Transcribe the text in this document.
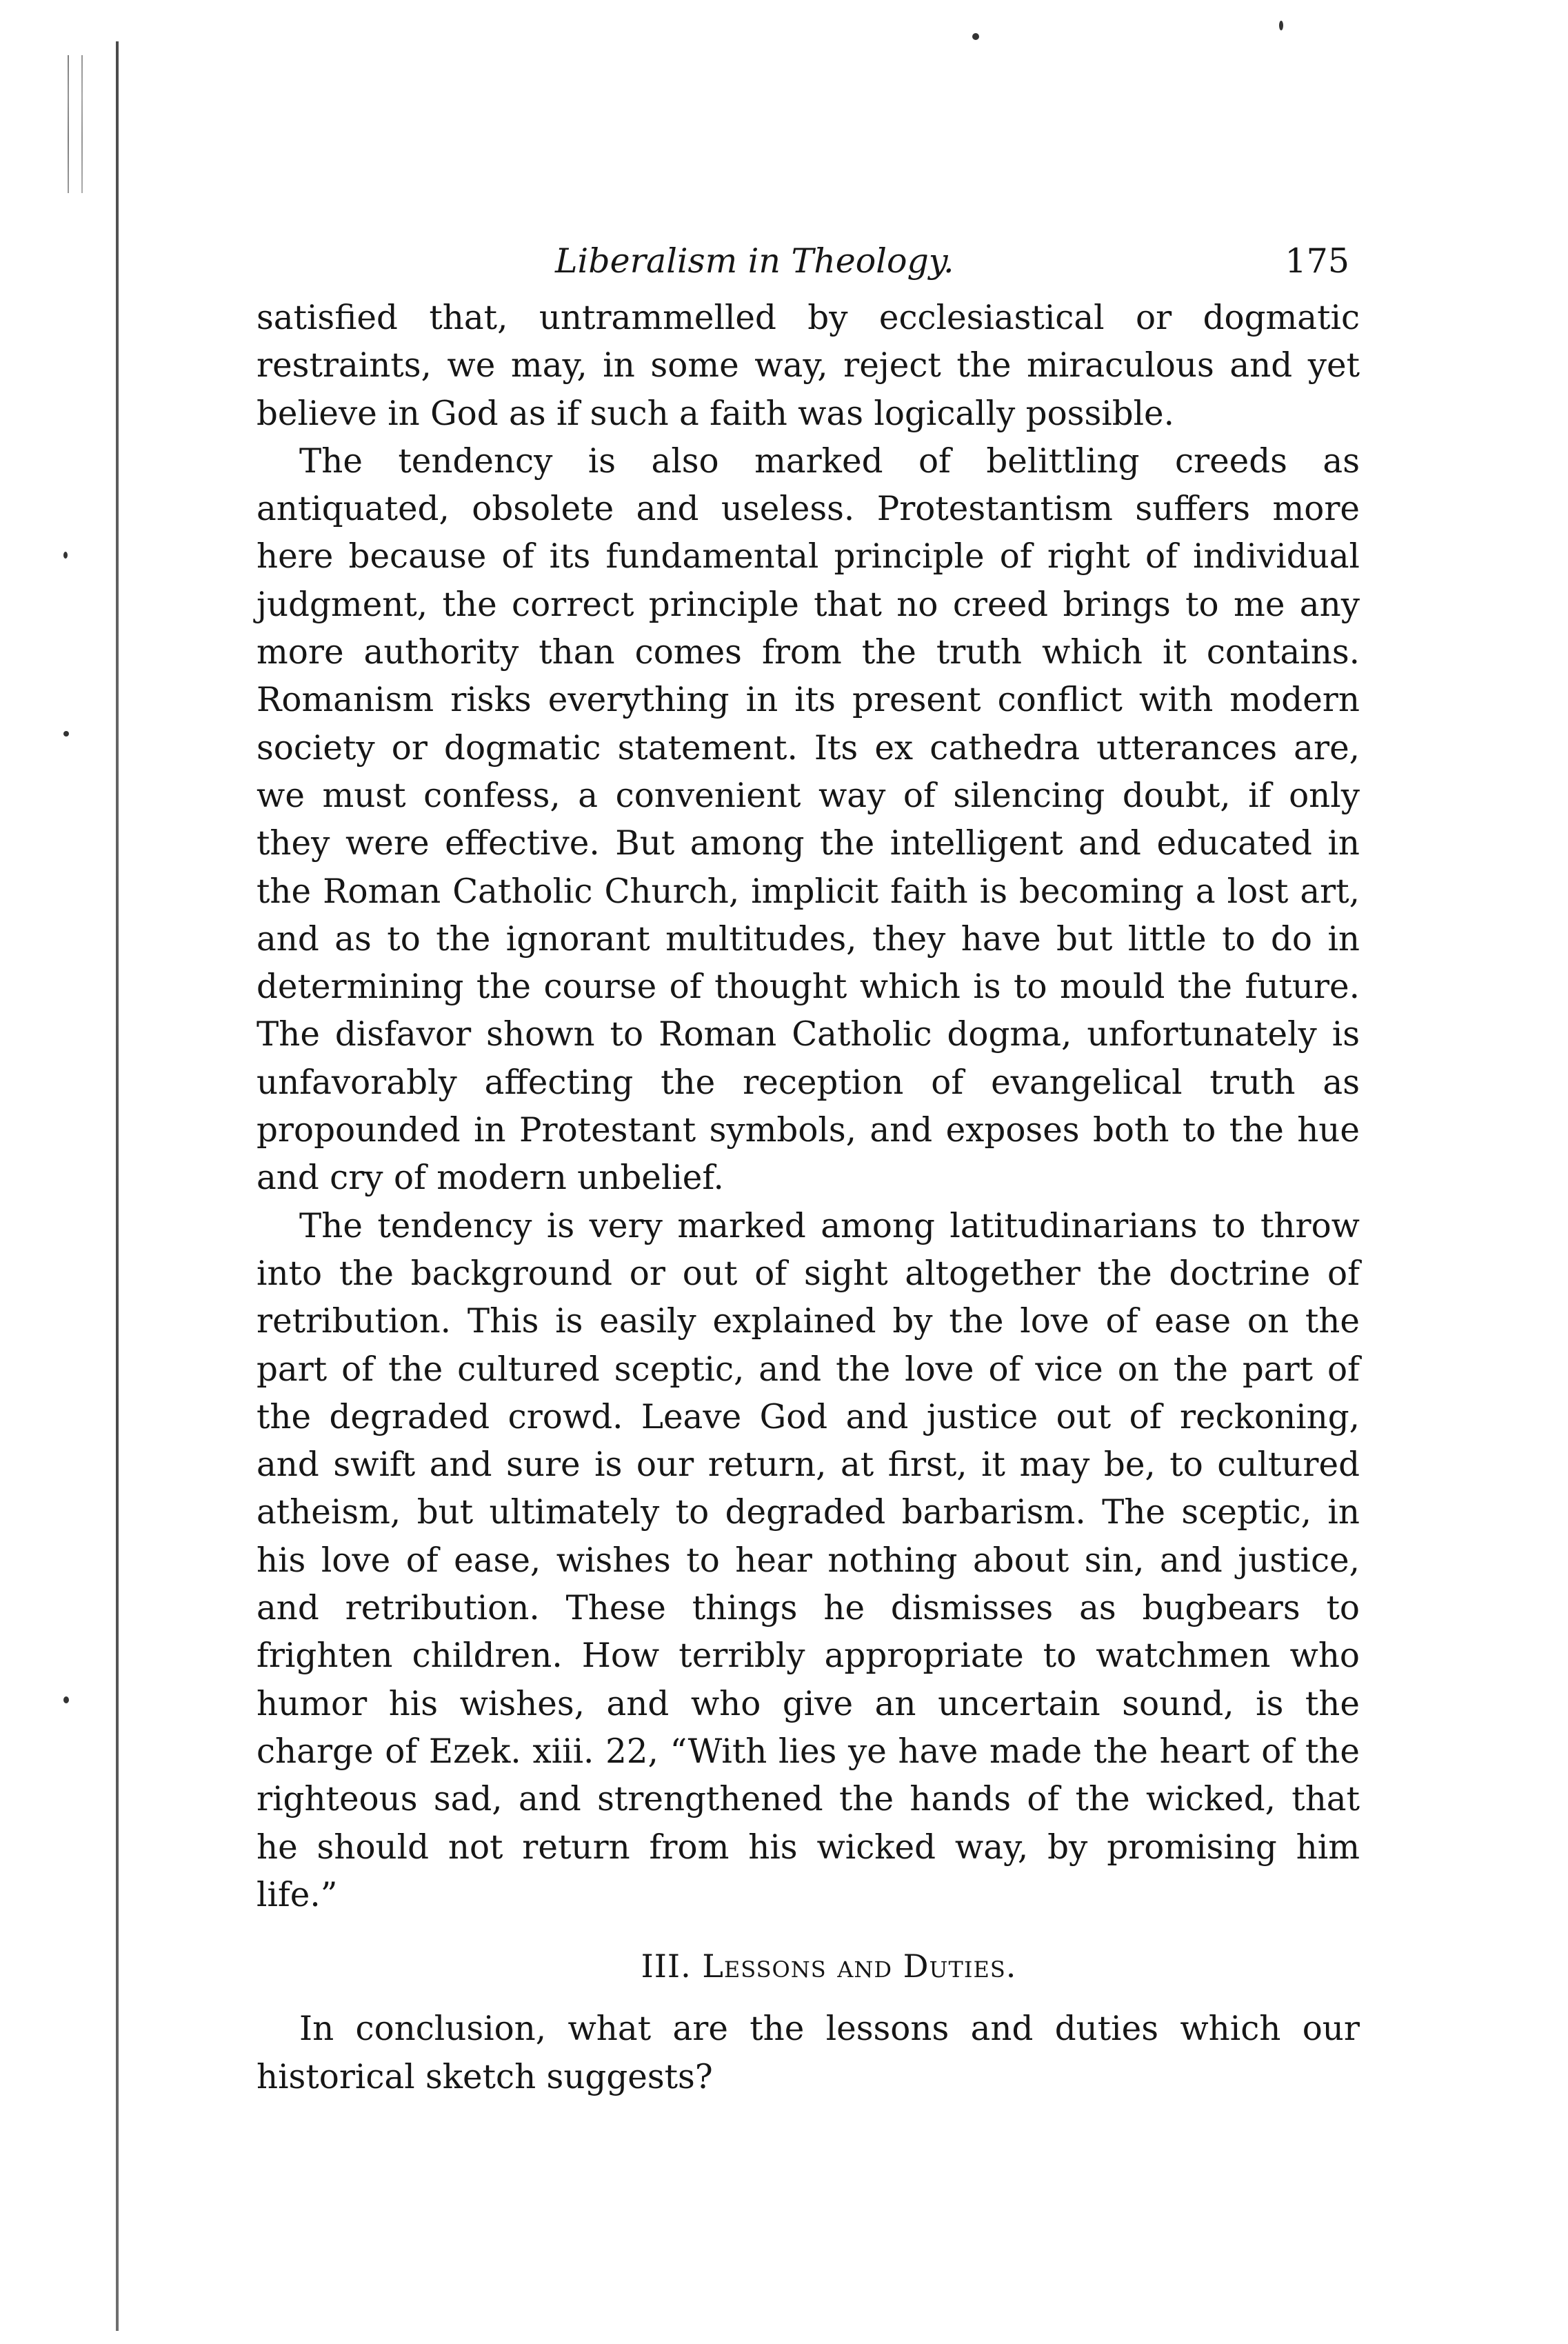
Liberalism in Theology.	175

satisfied that, untrammelled by ecclesiastical or dogmatic restraints, we may, in some way, reject the miraculous and yet believe in God as if such a faith was logically possible.

The tendency is also marked of belittling creeds as antiquated, obsolete and useless. Protestantism suffers more here because of its fundamental principle of right of individual judgment, the correct principle that no creed brings to me any more authority than comes from the truth which it contains. Romanism risks everything in its present conflict with modern society or dogmatic statement. Its ex cathedra utterances are, we must confess, a convenient way of silencing doubt, if only they were effective. But among the intelligent and educated in the Roman Catholic Church, implicit faith is becoming a lost art, and as to the ignorant multitudes, they have but little to do in determining the course of thought which is to mould the future. The disfavor shown to Roman Catholic dogma, unfortunately is unfavorably affecting the reception of evangelical truth as propounded in Protestant symbols, and exposes both to the hue and cry of modern unbelief.

The tendency is very marked among latitudinarians to throw into the background or out of sight altogether the doctrine of retribution. This is easily explained by the love of ease on the part of the cultured sceptic, and the love of vice on the part of the degraded crowd. Leave God and justice out of reckoning, and swift and sure is our return, at first, it may be, to cultured atheism, but ultimately to degraded barbarism. The sceptic, in his love of ease, wishes to hear nothing about sin, and justice, and retribution. These things he dismisses as bugbears to frighten children. How terribly appropriate to watchmen who humor his wishes, and who give an uncertain sound, is the charge of Ezek. xiii. 22, “With lies ye have made the heart of the righteous sad, and strengthened the hands of the wicked, that he should not return from his wicked way, by promising him life.”

III. Lessons and Duties.

In conclusion, what are the lessons and duties which our historical sketch suggests?
